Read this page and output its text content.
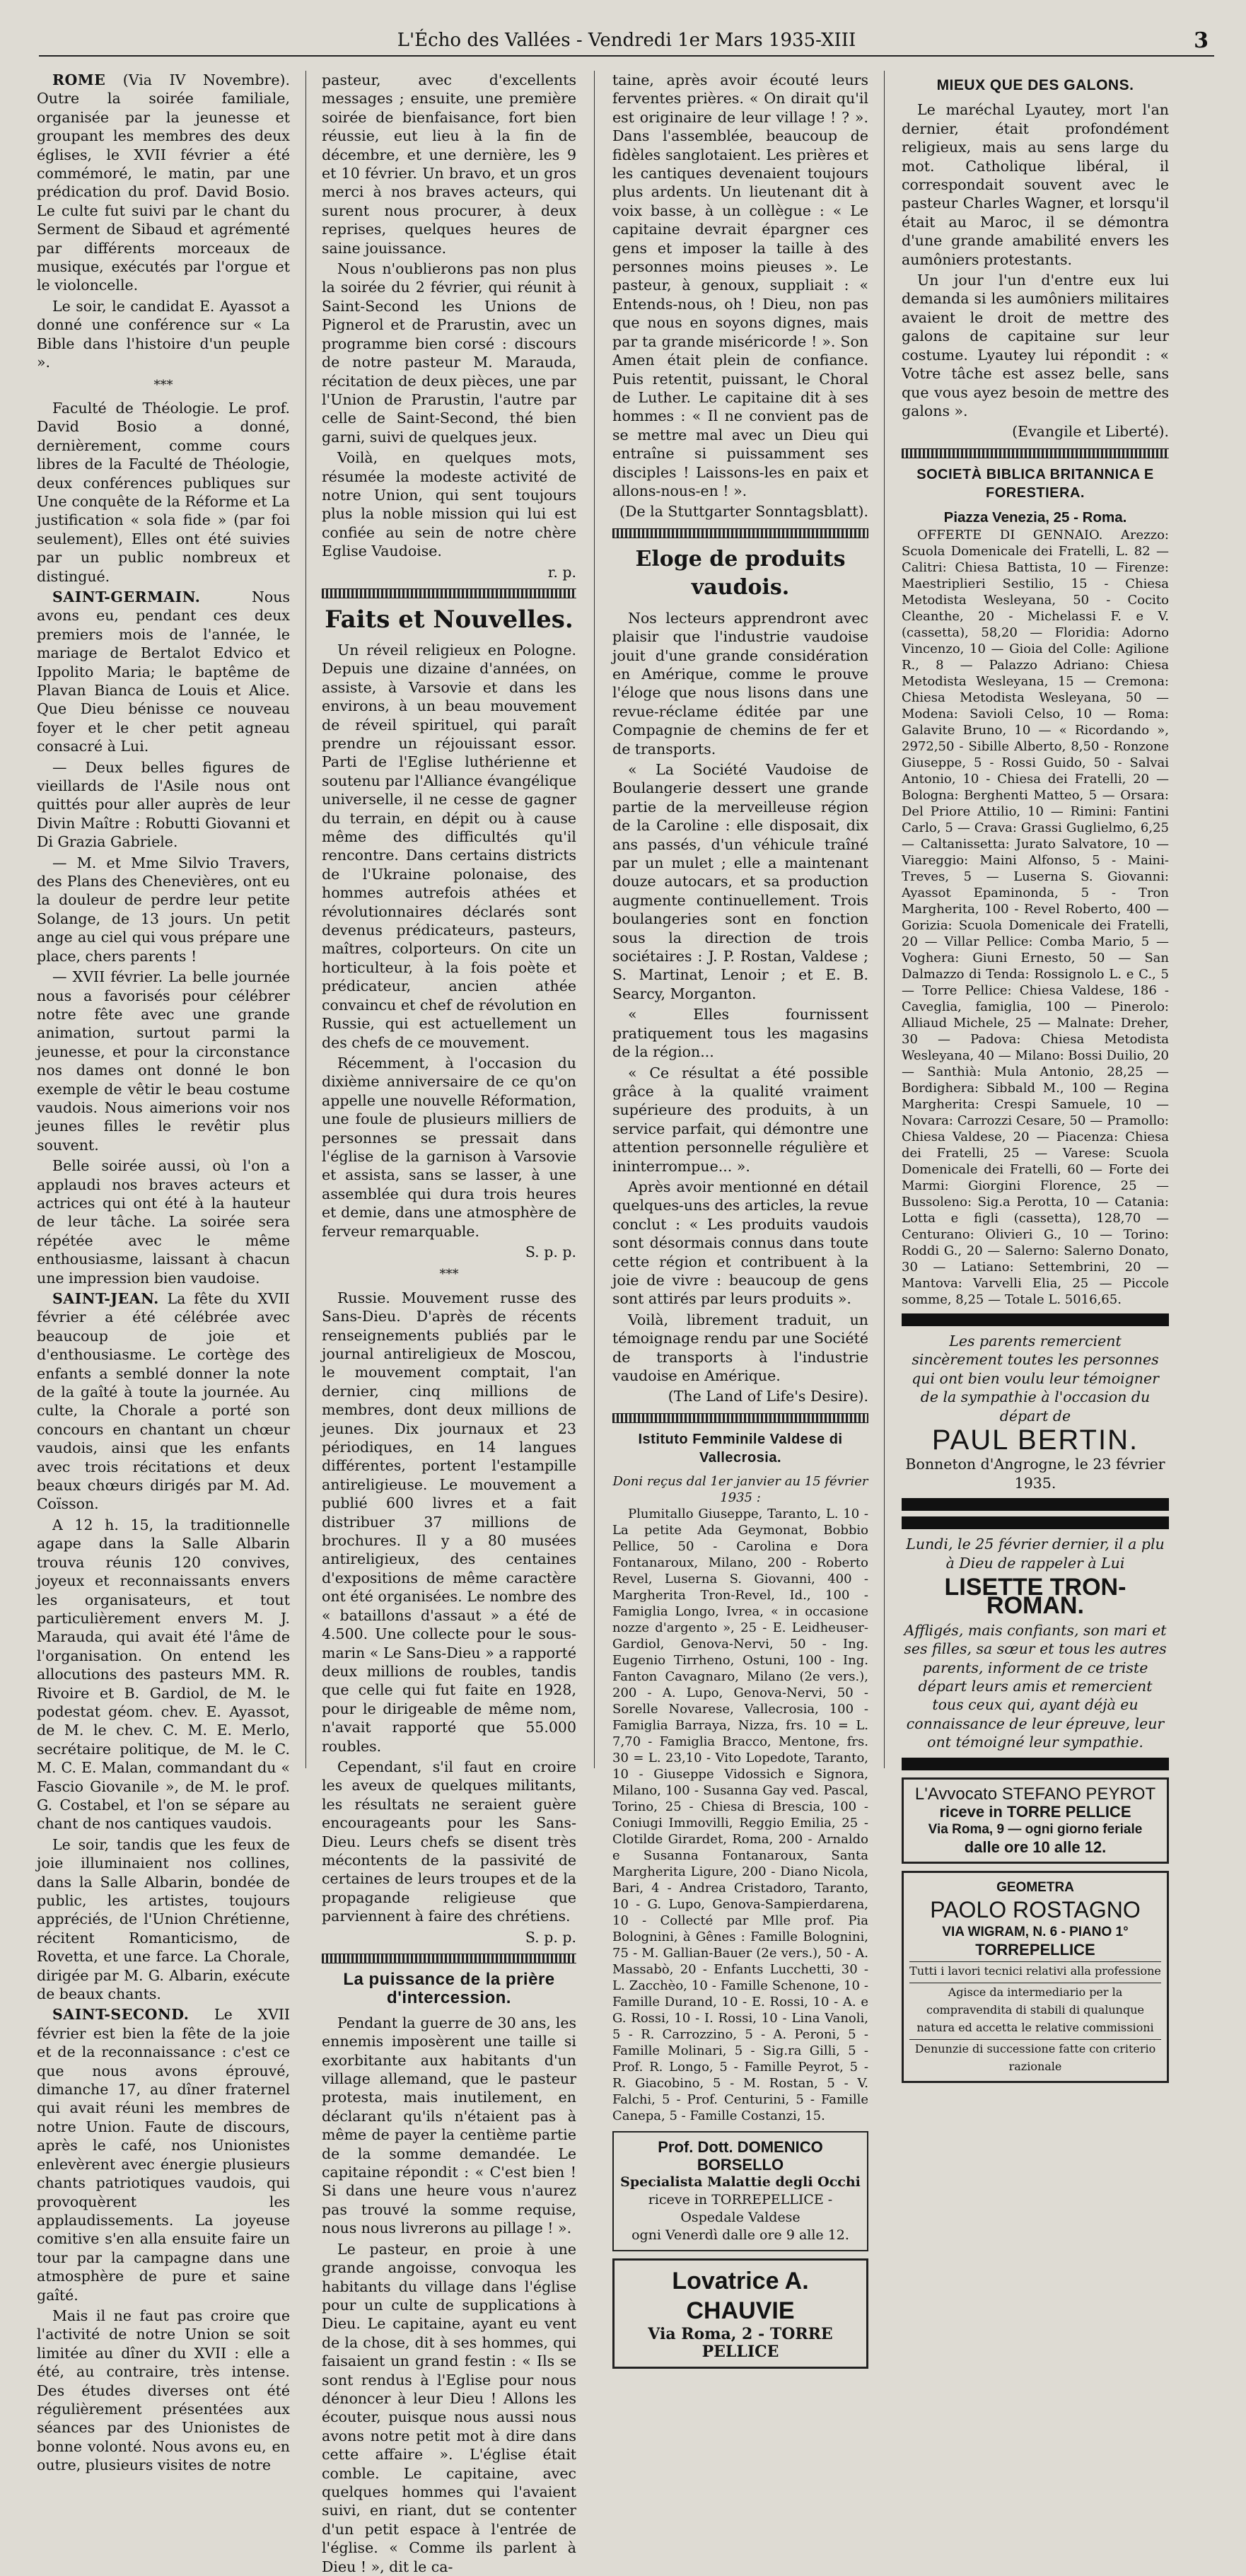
L'Écho des Vallées - Vendredi 1er Mars 1935-XIII	3

ROME (Via IV Novembre). Outre la soirée familiale, organisée par la jeunesse et groupant les membres des deux églises, le XVII février a été commémoré, le matin, par une prédication du prof. David Bosio. Le culte fut suivi par le chant du Serment de Sibaud et agrémenté par différents morceaux de musique, exécutés par l'orgue et le violoncelle.

Le soir, le candidat E. Ayassot a donné une conférence sur « La Bible dans l'histoire d'un peuple ».

***

Faculté de Théologie. Le prof. David Bosio a donné, dernièrement, comme cours libres de la Faculté de Théologie, deux conférences publiques sur Une conquête de la Réforme et La justification « sola fide » (par foi seulement), Elles ont été suivies par un public nombreux et distingué.

SAINT-GERMAIN.	Nous avons eu, pendant ces deux premiers mois de l'année, le mariage de Bertalot Edvico et Ippolito Maria; le baptême de Plavan Bianca de Louis et Alice. Que Dieu bénisse ce nouveau foyer et le cher petit agneau consacré à Lui.

— Deux belles figures de vieillards de l'Asile nous ont quittés pour aller auprès de leur Divin Maître : Robutti Giovanni et Di Grazia Gabriele.

— M. et Mme Silvio Travers, des Plans des Chenevières, ont eu la douleur de perdre leur petite Solange, de 13 jours. Un petit ange au ciel qui vous prépare une place, chers parents !

— XVII février. La belle journée nous a favorisés pour célébrer notre fête avec une grande animation, surtout parmi la jeunesse, et pour la circonstance nos dames ont donné le bon exemple de vêtir le beau costume vaudois. Nous aimerions voir nos jeunes filles le revêtir plus souvent.

Belle soirée aussi, où l'on a applaudi nos braves acteurs et actrices qui ont été à la hauteur de leur tâche. La soirée sera répétée avec le même enthousiasme, laissant à chacun une impression bien vaudoise.

SAINT-JEAN. La fête du XVII février a été célébrée avec beaucoup de joie et d'enthousiasme. Le cortège des enfants a semblé donner la note de la gaîté à toute la journée. Au culte, la Chorale a porté son concours en chantant un chœur vaudois, ainsi que les enfants avec trois récitations et deux beaux chœurs dirigés par M. Ad. Coïsson.

A 12 h. 15, la traditionnelle agape dans la Salle Albarin trouva réunis 120 convives, joyeux et reconnaissants envers les organisateurs, et tout particulièrement envers M. J. Marauda, qui avait été l'âme de l'organisation. On entend les allocutions des pasteurs MM. R. Rivoire et B. Gardiol, de M. le podestat géom. chev. E. Ayassot, de M. le chev. C. M. E. Merlo, secrétaire politique, de M. le C. M. C. E. Malan, commandant du « Fascio Giovanile », de M. le prof. G. Costabel, et l'on se sépare au chant de nos cantiques vaudois.

Le soir, tandis que les feux de joie illuminaient nos collines, dans la Salle Albarin, bondée de public, les artistes, toujours appréciés, de l'Union Chrétienne, récitent Romanticismo, de Rovetta, et une farce. La Chorale, dirigée par M. G. Albarin, exécute de beaux chants.

SAINT-SECOND. Le XVII février est bien la fête de la joie et de la reconnaissance : c'est ce que nous avons éprouvé, dimanche 17, au dîner fraternel qui avait réuni les membres de notre Union. Faute de discours, après le café, nos Unionistes enlevèrent avec énergie plusieurs chants patriotiques vaudois, qui provoquèrent les applaudissements. La joyeuse comitive s'en alla ensuite faire un tour par la campagne dans une atmosphère de pure et saine gaîté.

Mais il ne faut pas croire que l'activité de notre Union se soit limitée au dîner du XVII : elle a été, au contraire, très intense. Des études diverses ont été régulièrement présentées aux séances par des Unionistes de bonne volonté. Nous avons eu, en outre, plusieurs visites de notre

pasteur, avec d'excellents messages ; ensuite, une première soirée de bienfaisance, fort bien réussie, eut lieu à la fin de décembre, et une dernière, les 9 et 10 février. Un bravo, et un gros merci à nos braves acteurs, qui surent nous procurer, à deux reprises, quelques heures de saine jouissance.

Nous n'oublierons pas non plus la soirée du 2 février, qui réunit à Saint-Second les Unions de Pignerol et de Prarustin, avec un programme bien corsé : discours de notre pasteur M. Marauda, récitation de deux pièces, une par l'Union de Prarustin, l'autre par celle de Saint-Second, thé bien garni, suivi de quelques jeux.

Voilà, en quelques mots, résumée la modeste activité de notre Union, qui sent toujours plus la noble mission qui lui est confiée au sein de notre chère Eglise Vaudoise.

r. p.
Faits et Nouvelles.

Un réveil religieux en Pologne. Depuis une dizaine d'années, on assiste, à Varsovie et dans les environs, à un beau mouvement de réveil spirituel, qui paraît prendre un réjouissant essor. Parti de l'Eglise luthérienne et soutenu par l'Alliance évangélique universelle, il ne cesse de gagner du terrain, en dépit ou à cause même des difficultés qu'il rencontre. Dans certains districts de l'Ukraine polonaise, des hommes autrefois athées et révolutionnaires déclarés sont devenus prédicateurs, pasteurs, maîtres, colporteurs. On cite un horticulteur, à la fois poète et prédicateur, ancien athée convaincu et chef de révolution en Russie, qui est actuellement un des chefs de ce mouvement.

Récemment, à l'occasion du dixième anniversaire de ce qu'on appelle une nouvelle Réformation, une foule de plusieurs milliers de personnes se pressait dans l'église de la garnison à Varsovie et assista, sans se lasser, à une assemblée qui dura trois heures et demie, dans une atmosphère de ferveur remarquable.

S. p. p.
***

Russie. Mouvement russe des Sans-Dieu. D'après de récents renseignements publiés par le journal antireligieux de Moscou, le mouvement comptait, l'an dernier, cinq millions de membres, dont deux millions de jeunes. Dix journaux et 23 périodiques, en 14 langues différentes, portent l'estampille antireligieuse. Le mouvement a publié 600 livres et a fait distribuer 37 millions de brochures. Il y a 80 musées antireligieux, des centaines d'expositions de même caractère ont été organisées. Le nombre des « bataillons d'assaut » a été de 4.500. Une collecte pour le sous-marin « Le Sans-Dieu » a rapporté deux millions de roubles, tandis que celle qui fut faite en 1928, pour le dirigeable de même nom, n'avait rapporté que 55.000 roubles.

Cependant, s'il faut en croire les aveux de quelques militants, les résultats ne seraient guère encourageants pour les Sans-Dieu. Leurs chefs se disent très mécontents de la passivité de certaines de leurs troupes et de la propagande religieuse que parviennent à faire des chrétiens.

S. p. p.
La puissance de la prière d'intercession.

Pendant la guerre de 30 ans, les ennemis imposèrent une taille si exorbitante aux habitants d'un village allemand, que le pasteur protesta, mais inutilement, en déclarant qu'ils n'étaient pas à même de payer la centième partie de la somme demandée. Le capitaine répondit : « C'est bien ! Si dans une heure vous n'aurez pas trouvé la somme requise, nous nous livrerons au pillage ! ».

Le pasteur, en proie à une grande angoisse, convoqua les habitants du village dans l'église pour un culte de supplications à Dieu. Le capitaine, ayant eu vent de la chose, dit à ses hommes, qui faisaient un grand festin : « Ils se sont rendus à l'Eglise pour nous dénoncer à leur Dieu ! Allons les écouter, puisque nous aussi nous avons notre petit mot à dire dans cette affaire ». L'église était comble. Le capitaine, avec quelques hommes qui l'avaient suivi, en riant, dut se contenter d'un petit espace à l'entrée de l'église. « Comme ils parlent à Dieu ! », dit le ca-

taine, après avoir écouté leurs ferventes prières. « On dirait qu'il est originaire de leur village ! ? ». Dans l'assemblée, beaucoup de fidèles sanglotaient. Les prières et les cantiques devenaient toujours plus ardents. Un lieutenant dit à voix basse, à un collègue : « Le capitaine devrait épargner ces gens et imposer la taille à des personnes moins pieuses ». Le pasteur, à genoux, suppliait : « Entends-nous, oh ! Dieu, non pas que nous en soyons dignes, mais par ta grande miséricorde ! ». Son Amen était plein de confiance. Puis retentit, puissant, le Choral de Luther. Le capitaine dit à ses hommes : « Il ne convient pas de se mettre mal avec un Dieu qui entraîne si puissamment ses disciples ! Laissons-les en paix et allons-nous-en ! ».

(De la Stuttgarter Sonntagsblatt).
Eloge de produits vaudois.

Nos lecteurs apprendront avec plaisir que l'industrie vaudoise jouit d'une grande considération en Amérique, comme le prouve l'éloge que nous lisons dans une revue-réclame éditée par une Compagnie de chemins de fer et de transports.

« La Société Vaudoise de Boulangerie dessert une grande partie de la merveilleuse région de la Caroline : elle disposait, dix ans passés, d'un véhicule traîné par un mulet ; elle a maintenant douze autocars, et sa production augmente continuellement. Trois boulangeries sont en fonction sous la direction de trois sociétaires : J. P. Rostan, Valdese ; S. Martinat, Lenoir ; et E. B. Searcy, Morganton.

« Elles fournissent pratiquement tous les magasins de la région...

« Ce résultat a été possible grâce à la qualité vraiment supérieure des produits, à un service parfait, qui démontre une attention personnelle régulière et ininterrompue... ».

Après avoir mentionné en détail quelques-uns des articles, la revue conclut : « Les produits vaudois sont désormais connus dans toute cette région et contribuent à la joie de vivre : beaucoup de gens sont attirés par leurs produits ».

Voilà, librement traduit, un témoignage rendu par une Société de transports à l'industrie vaudoise en Amérique.

(The Land of Life's Desire).
Istituto Femminile Valdese di Vallecrosia.
Doni reçus dal 1er janvier au 15 février 1935 :

Plumitallo Giuseppe, Taranto, L. 10 - La petite Ada Geymonat, Bobbio Pellice, 50 - Carolina e Dora Fontanaroux, Milano, 200 - Roberto Revel, Luserna S. Giovanni, 400 - Margherita Tron-Revel, Id., 100 - Famiglia Longo, Ivrea, « in occasione nozze d'argento », 25 - E. Leidheuser-Gardiol, Genova-Nervi, 50 - Ing. Eugenio Tirrheno, Ostuni, 100 - Ing. Fanton Cavagnaro, Milano (2e vers.), 200 - A. Lupo, Genova-Nervi, 50 - Sorelle Novarese, Vallecrosia, 100 - Famiglia Barraya, Nizza, frs. 10 = L. 7,70 - Famiglia Bracco, Mentone, frs. 30 = L. 23,10 - Vito Lopedote, Taranto, 10 - Giuseppe Vidossich e Signora, Milano, 100 - Susanna Gay ved. Pascal, Torino, 25 - Chiesa di Brescia, 100 - Coniugi Immovilli, Reggio Emilia, 25 - Clotilde Girardet, Roma, 200 - Arnaldo e Susanna Fontanaroux, Santa Margherita Ligure, 200 - Diano Nicola, Bari, 4 - Andrea Cristadoro, Taranto, 10 - G. Lupo, Genova-Sampierdarena, 10 - Collecté par Mlle prof. Pia Bolognini, à Gênes : Famille Bolognini, 75 - M. Gallian-Bauer (2e vers.), 50 - A. Massabò, 20 - Enfants Lucchetti, 30 - L. Zacchèo, 10 - Famille Schenone, 10 - Famille Durand, 10 - E. Rossi, 10 - A. e G. Rossi, 10 - I. Rossi, 10 - Lina Vanoli, 5 - R. Carrozzino, 5 - A. Peroni, 5 - Famille Molinari, 5 - Sig.ra Gilli, 5 - Prof. R. Longo, 5 - Famille Peyrot, 5 - R. Giacobino, 5 - M. Rostan, 5 - V. Falchi, 5 - Prof. Centurini, 5 - Famille Canepa, 5 - Famille Costanzi, 15.

Prof. Dott. DOMENICO BORSELLO
Specialista Malattie degli Occhi
riceve in TORREPELLICE - Ospedale Valdese
ogni Venerdì dalle ore 9 alle 12.
Lovatrice A. CHAUVIE
Via Roma, 2 - TORRE PELLICE
MIEUX QUE DES GALONS.

Le maréchal Lyautey, mort l'an dernier, était profondément religieux, mais au sens large du mot. Catholique libéral, il correspondait souvent avec le pasteur Charles Wagner, et lorsqu'il était au Maroc, il se démontra d'une grande amabilité envers les aumôniers protestants.

Un jour l'un d'entre eux lui demanda si les aumôniers militaires avaient le droit de mettre des galons de capitaine sur leur costume. Lyautey lui répondit : « Votre tâche est assez belle, sans que vous ayez besoin de mettre des galons ».

(Evangile et Liberté).
SOCIETÀ BIBLICA BRITANNICA E FORESTIERA.
Piazza Venezia, 25 - Roma.

OFFERTE DI GENNAIO. Arezzo: Scuola Domenicale dei Fratelli, L. 82 — Calitri: Chiesa Battista, 10 — Firenze: Maestriplieri Sestilio, 15 - Chiesa Metodista Wesleyana, 50 - Cocito Cleanthe, 20 - Michelassi F. e V. (cassetta), 58,20 — Floridia: Adorno Vincenzo, 10 — Gioia del Colle: Agilione R., 8 — Palazzo Adriano: Chiesa Metodista Wesleyana, 15 — Cremona: Chiesa Metodista Wesleyana, 50 — Modena: Savioli Celso, 10 — Roma: Galavite Bruno, 10 — « Ricordando », 2972,50 - Sibille Alberto, 8,50 - Ronzone Giuseppe, 5 - Rossi Guido, 50 - Salvai Antonio, 10 - Chiesa dei Fratelli, 20 — Bologna: Berghenti Matteo, 5 — Orsara: Del Priore Attilio, 10 — Rimini: Fantini Carlo, 5 — Crava: Grassi Guglielmo, 6,25 — Caltanissetta: Jurato Salvatore, 10 — Viareggio: Maini Alfonso, 5 - Maini-Treves, 5 — Luserna S. Giovanni: Ayassot Epaminonda, 5 - Tron Margherita, 100 - Revel Roberto, 400 — Gorizia: Scuola Domenicale dei Fratelli, 20 — Villar Pellice: Comba Mario, 5 — Voghera: Giuni Ernesto, 50 — San Dalmazzo di Tenda: Rossignolo L. e C., 5 — Torre Pellice: Chiesa Valdese, 186 - Caveglia, famiglia, 100 — Pinerolo: Alliaud Michele, 25 — Malnate: Dreher, 30 — Padova: Chiesa Metodista Wesleyana, 40 — Milano: Bossi Duilio, 20 — Santhià: Mula Antonio, 28,25 — Bordighera: Sibbald M., 100 — Regina Margherita: Crespi Samuele, 10 — Novara: Carrozzi Cesare, 50 — Pramollo: Chiesa Valdese, 20 — Piacenza: Chiesa dei Fratelli, 25 — Varese: Scuola Domenicale dei Fratelli, 60 — Forte dei Marmi: Giorgini Florence, 25 — Bussoleno: Sig.a Perotta, 10 — Catania: Lotta e figli (cassetta), 128,70 — Centurano: Olivieri G., 10 — Torino: Roddi G., 20 — Salerno: Salerno Donato, 30 — Latiano: Settembrini, 20 — Mantova: Varvelli Elia, 25 — Piccole somme, 8,25 — Totale L. 5016,65.

Les parents remercient sincèrement toutes les personnes qui ont bien voulu leur témoigner de la sympathie à l'occasion du départ de
PAUL BERTIN.
Bonneton d'Angrogne, le 23 février 1935.
Lundi, le 25 février dernier, il a plu à Dieu de rappeler à Lui
LISETTE TRON-ROMAN.
Affligés, mais confiants, son mari et ses filles, sa sœur et tous les autres parents, informent de ce triste départ leurs amis et remercient tous ceux qui, ayant déjà eu connaissance de leur épreuve, leur ont témoigné leur sympathie.
L'Avvocato STEFANO PEYROT
riceve in TORRE PELLICE
Via Roma, 9 — ogni giorno feriale
dalle ore 10 alle 12.
GEOMETRA
PAOLO ROSTAGNO
VIA WIGRAM, N. 6 - PIANO 1°
TORREPELLICE
Tutti i lavori tecnici relativi alla professione
Agisce da intermediario per la compravendita di stabili di qualunque natura ed accetta le relative commissioni
Denunzie di successione fatte con criterio razionale
